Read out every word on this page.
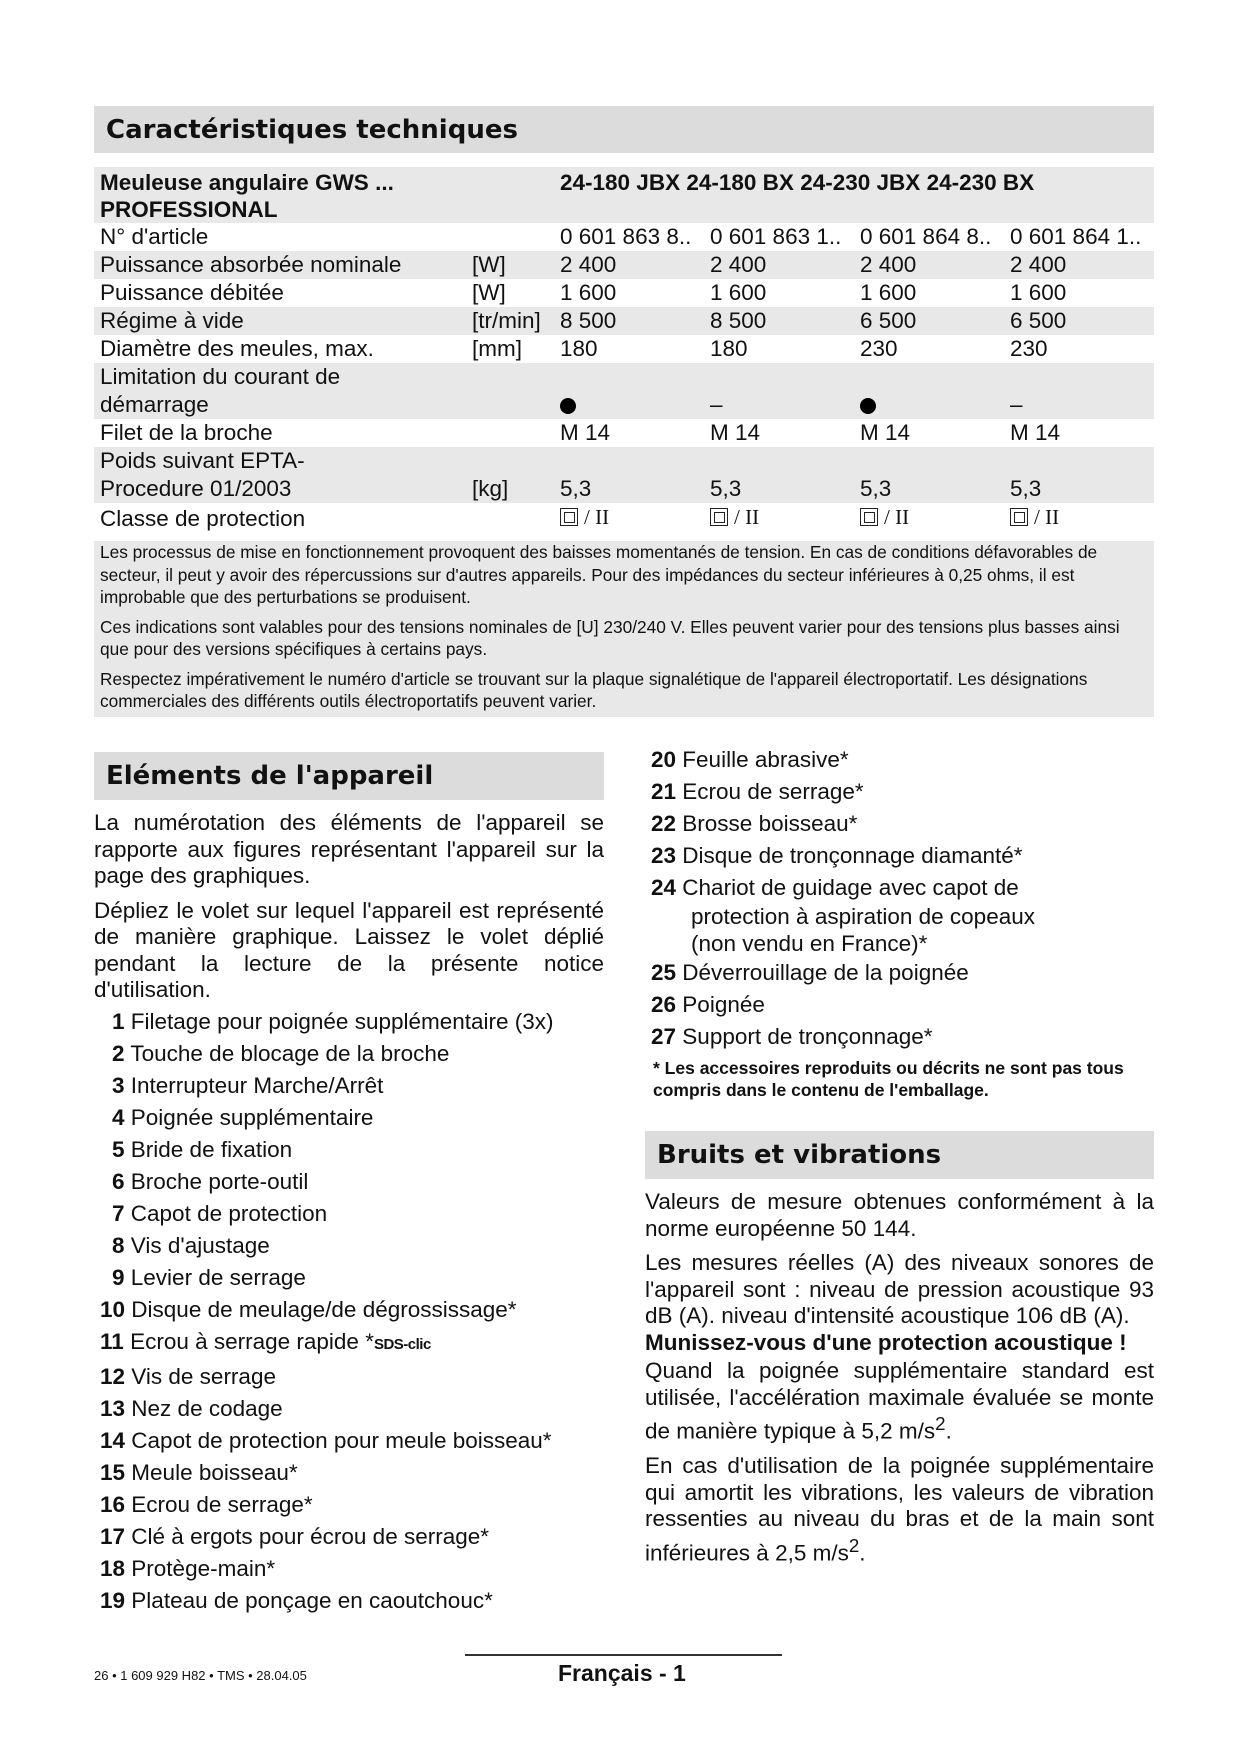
Caractéristiques techniques
Meuleuse angulaire GWS ...
PROFESSIONAL		24-180 JBX 24-180 BX 24-230 JBX 24-230 BX			
N° d'article		0 601 863 8..	0 601 863 1..	0 601 864 8..	0 601 864 1..
Puissance absorbée nominale	[W]	2 400	2 400	2 400	2 400
Puissance débitée	[W]	1 600	1 600	1 600	1 600
Régime à vide	[tr/min]	8 500	8 500	6 500	6 500
Diamètre des meules, max.	[mm]	180	180	230	230
Limitation du courant de
démarrage			–		–
Filet de la broche		M 14	M 14	M 14	M 14
Poids suivant EPTA-
Procedure 01/2003	[kg]	5,3	5,3	5,3	5,3
Classe de protection		/ II	/ II	/ II	/ II

Les processus de mise en fonctionnement provoquent des baisses momentanés de tension. En cas de conditions défavorables de secteur, il peut y avoir des répercussions sur d'autres appareils. Pour des impédances du secteur inférieures à 0,25 ohms, il est improbable que des perturbations se produisent.

Ces indications sont valables pour des tensions nominales de [U] 230/240 V. Elles peuvent varier pour des tensions plus basses ainsi que pour des versions spécifiques à certains pays.

Respectez impérativement le numéro d'article se trouvant sur la plaque signalétique de l'appareil électroportatif. Les désignations commerciales des différents outils électroportatifs peuvent varier.

Eléments de l'appareil

La numérotation des éléments de l'appareil se rapporte aux figures représentant l'appareil sur la page des graphiques.

Dépliez le volet sur lequel l'appareil est représenté de manière graphique. Laissez le volet déplié pendant la lecture de la présente notice d'utilisation.

1 Filetage pour poignée supplémentaire (3x)
2 Touche de blocage de la broche
3 Interrupteur Marche/Arrêt
4 Poignée supplémentaire
5 Bride de fixation
6 Broche porte-outil
7 Capot de protection
8 Vis d'ajustage
9 Levier de serrage
10 Disque de meulage/de dégrossissage*
11 Ecrou à serrage rapide *SDS-clic
12 Vis de serrage
13 Nez de codage
14 Capot de protection pour meule boisseau*
15 Meule boisseau*
16 Ecrou de serrage*
17 Clé à ergots pour écrou de serrage*
18 Protège-main*
19 Plateau de ponçage en caoutchouc*
20 Feuille abrasive*
21 Ecrou de serrage*
22 Brosse boisseau*
23 Disque de tronçonnage diamanté*
24 Chariot de guidage avec capot de
protection à aspiration de copeaux
(non vendu en France)*
25 Déverrouillage de la poignée
26 Poignée
27 Support de tronçonnage*

* Les accessoires reproduits ou décrits ne sont pas tous compris dans le contenu de l'emballage.

Bruits et vibrations

Valeurs de mesure obtenues conformément à la norme européenne 50 144.

Les mesures réelles (A) des niveaux sonores de l'appareil sont : niveau de pression acoustique 93 dB (A). niveau d'intensité acoustique 106 dB (A).

Munissez-vous d'une protection acoustique !

Quand la poignée supplémentaire standard est utilisée, l'accélération maximale évaluée se monte de manière typique à 5,2 $m/s^2$.

En cas d'utilisation de la poignée supplémentaire qui amortit les vibrations, les valeurs de vibration ressenties au niveau du bras et de la main sont inférieures à 2,5 $m/s^2$.

26 • 1 609 929 H82 • TMS • 28.04.05	Français - 1
